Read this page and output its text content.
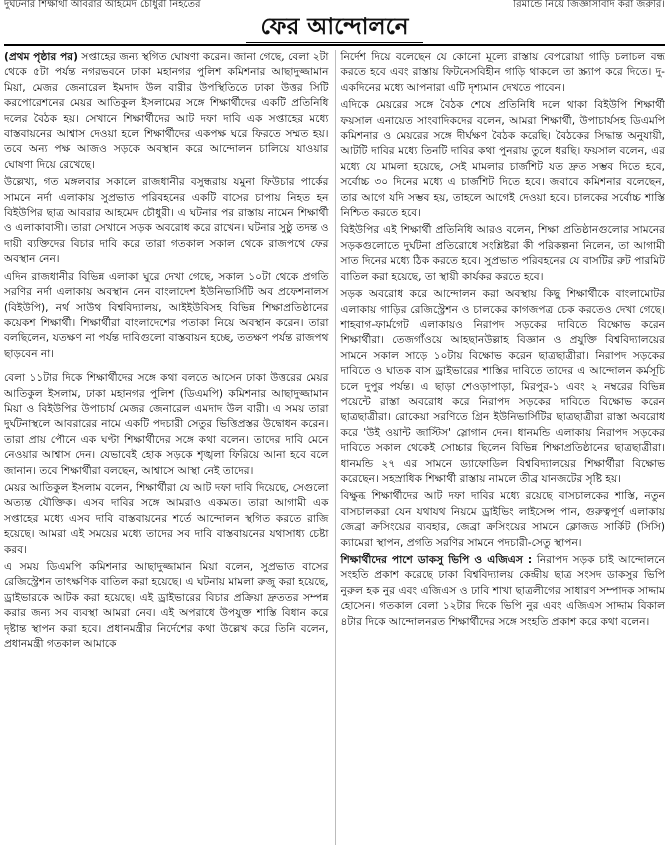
দুর্ঘটনার শিক্ষার্থী আবরার আহমেদ চৌধুরী নিহতের	রিমান্ডে নিয়ে জিজ্ঞাসাবাদ করা জরুরি।
ফের আন্দোলনে

(প্রথম পৃষ্ঠার পর) সপ্তাহের জন্য স্থগিত ঘোষণা করেন। জানা গেছে, বেলা ২টা থেকে ৫টা পর্যন্ত নগরভবনে ঢাকা মহানগর পুলিশ কমিশনার আছাদুজ্জামান মিয়া, মেজর জেনারেল ইমদাদ উল বারীর উপস্থিতিতে ঢাকা উত্তর সিটি করপোরেশনের মেয়র আতিকুল ইসলামের সঙ্গে শিক্ষার্থীদের একটি প্রতিনিধি দলের বৈঠক হয়। সেখানে শিক্ষার্থীদের আট দফা দাবি এক সপ্তাহের মধ্যে বাস্তবায়নের আশ্বাস দেওয়া হলে শিক্ষার্থীদের একপক্ষ ঘরে ফিরতে সম্মত হয়। তবে অন্য পক্ষ আজও সড়কে অবস্থান করে আন্দোলন চালিয়ে যাওয়ার ঘোষণা দিয়ে রেখেছে।

উল্লেখ্য, গত মঙ্গলবার সকালে রাজধানীর বসুন্ধরায় যমুনা ফিউচার পার্কের সামনে নর্দা এলাকায় সুপ্রভাত পরিবহনের একটি বাসের চাপায় নিহত হন বিইউপির ছাত্র আবরার আহমেদ চৌধুরী। এ ঘটনার পর রাস্তায় নামেন শিক্ষার্থী ও এলাকাবাসী। তারা সেখানে সড়ক অবরোধ করে রাখেন। ঘটনার সুষ্ঠু তদন্ত ও দায়ী ব্যক্তিদের বিচার দাবি করে তারা গতকাল সকাল থেকে রাজপথে ফের অবস্থান নেন।

এদিন রাজধানীর বিভিন্ন এলাকা ঘুরে দেখা গেছে, সকাল ১০টা থেকে প্রগতি সরণির নর্দা এলাকায় অবস্থান নেন বাংলাদেশ ইউনিভার্সিটি অব প্রফেশনালস (বিইউপি), নর্থ সাউথ বিশ্ববিদ্যালয়, আইইউবিসহ বিভিন্ন শিক্ষাপ্রতিষ্ঠানের কয়েকশ শিক্ষার্থী। শিক্ষার্থীরা বাংলাদেশের পতাকা নিয়ে অবস্থান করেন। তারা বলছিলেন, যতক্ষণ না পর্যন্ত দাবিগুলো বাস্তবায়ন হচ্ছে, ততক্ষণ পর্যন্ত রাজপথ ছাড়বেন না।

বেলা ১১টার দিকে শিক্ষার্থীদের সঙ্গে কথা বলতে আসেন ঢাকা উত্তরের মেয়র আতিকুল ইসলাম, ঢাকা মহানগর পুলিশ (ডিএমপি) কমিশনার আছাদুজ্জামান মিয়া ও বিইউপির উপাচার্য মেজর জেনারেল এমদাদ উল বারী। এ সময় তারা দুর্ঘটনাস্থলে আবরারের নামে একটি পদচারী সেতুর ভিত্তিপ্রস্তর উদ্বোধন করেন। তারা প্রায় পৌনে এক ঘণ্টা শিক্ষার্থীদের সঙ্গে কথা বলেন। তাদের দাবি মেনে নেওয়ার আশ্বাস দেন। যেভাবেই হোক সড়কে শৃঙ্খলা ফিরিয়ে আনা হবে বলে জানান। তবে শিক্ষার্থীরা বলছেন, আশ্বাসে আস্থা নেই তাদের।

মেয়র আতিকুল ইসলাম বলেন, শিক্ষার্থীরা যে আট দফা দাবি দিয়েছে, সেগুলো অত্যন্ত যৌক্তিক। এসব দাবির সঙ্গে আমরাও একমত। তারা আগামী এক সপ্তাহের মধ্যে এসব দাবি বাস্তবায়নের শর্তে আন্দোলন স্থগিত করতে রাজি হয়েছে। আমরা এই সময়ের মধ্যে তাদের সব দাবি বাস্তবায়নের যথাসাধ্য চেষ্টা করব।

এ সময় ডিএমপি কমিশনার আছাদুজ্জামান মিয়া বলেন, সুপ্রভাত বাসের রেজিস্ট্রেশন তাৎক্ষণিক বাতিল করা হয়েছে। এ ঘটনায় মামলা রুজু করা হয়েছে, ড্রাইভারকে আটক করা হয়েছে। এই ড্রাইভারের বিচার প্রক্রিয়া দ্রুততর সম্পন্ন করার জন্য সব ব্যবস্থা আমরা নেব। এই অপরাধে উপযুক্ত শাস্তি বিধান করে দৃষ্টান্ত স্থাপন করা হবে। প্রধানমন্ত্রীর নির্দেশের কথা উল্লেখ করে তিনি বলেন, প্রধানমন্ত্রী গতকাল আমাকে

নির্দেশ দিয়ে বলেছেন যে কোনো মূল্যে রাস্তায় বেপরোয়া গাড়ি চলাচল বন্ধ করতে হবে এবং রাস্তায় ফিটনেসবিহীন গাড়ি থাকলে তা স্ক্র্যাপ করে দিতে। দু-একদিনের মধ্যে আপনারা এটি দৃশ্যমান দেখতে পাবেন।

এদিকে মেয়রের সঙ্গে বৈঠক শেষে প্রতিনিধি দলে থাকা বিইউপি শিক্ষার্থী ফয়সাল এনায়েত সাংবাদিকদের বলেন, আমরা শিক্ষার্থী, উপাচার্যসহ ডিএমপি কমিশনার ও মেয়রের সঙ্গে দীর্ঘক্ষণ বৈঠক করেছি। বৈঠকের সিদ্ধান্ত অনুযায়ী, আটটি দাবির মধ্যে তিনটি দাবির কথা পুনরায় তুলে ধরছি। ফয়সাল বলেন, এর মধ্যে যে মামলা হয়েছে, সেই মামলার চার্জশিট যত দ্রুত সম্ভব দিতে হবে, সর্বোচ্চ ৩০ দিনের মধ্যে এ চার্জশিট দিতে হবে। জবাবে কমিশনার বলেছেন, তার আগে যদি সম্ভব হয়, তাহলে আগেই দেওয়া হবে। চালকের সর্বোচ্চ শাস্তি নিশ্চিত করতে হবে।

বিইউপির এই শিক্ষার্থী প্রতিনিধি আরও বলেন, শিক্ষা প্রতিষ্ঠানগুলোর সামনের সড়কগুলোতে দুর্ঘটনা প্রতিরোধে সংশ্লিষ্টরা কী পরিকল্পনা নিলেন, তা আগামী সাত দিনের মধ্যে ঠিক করতে হবে। সুপ্রভাত পরিবহনের যে বাসটির রুট পারমিট বাতিল করা হয়েছে, তা স্থায়ী কার্যকর করতে হবে।

সড়ক অবরোধ করে আন্দোলন করা অবস্থায় কিছু শিক্ষার্থীকে বাংলামোটর এলাকায় গাড়ির রেজিস্ট্রেশন ও চালকের কাগজপত্র চেক করতেও দেখা গেছে। শাহবাগ-ফার্মগেট এলাকায়ও নিরাপদ সড়কের দাবিতে বিক্ষোভ করেন শিক্ষার্থীরা। তেজগাঁওয়ে আহছানউল্লাহ বিজ্ঞান ও প্রযুক্তি বিশ্ববিদ্যালয়ের সামনে সকাল সাড়ে ১০টায় বিক্ষোভ করেন ছাত্রছাত্রীরা। নিরাপদ সড়কের দাবিতে ও ঘাতক বাস ড্রাইভারের শাস্তির দাবিতে তাদের এ আন্দোলন কর্মসূচি চলে দুপুর পর্যন্ত। এ ছাড়া শেওড়াপাড়া, মিরপুর-১ এবং ২ নম্বরের বিভিন্ন পয়েন্টে রাস্তা অবরোধ করে নিরাপদ সড়কের দাবিতে বিক্ষোভ করেন ছাত্রছাত্রীরা। রোকেয়া সরণিতে গ্রিন ইউনিভার্সিটির ছাত্রছাত্রীরা রাস্তা অবরোধ করে 'উই ওয়ান্ট জাস্টিস' স্লোগান দেন। ধানমন্ডি এলাকায় নিরাপদ সড়কের দাবিতে সকাল থেকেই সোচ্চার ছিলেন বিভিন্ন শিক্ষাপ্রতিষ্ঠানের ছাত্রছাত্রীরা। ধানমন্ডি ২৭ এর সামনে ড্যাফোডিল বিশ্ববিদ্যালয়ের শিক্ষার্থীরা বিক্ষোভ করেছেন। সহস্রাধিক শিক্ষার্থী রাস্তায় নামলে তীব্র যানজটের সৃষ্টি হয়।

বিক্ষুব্ধ শিক্ষার্থীদের আট দফা দাবির মধ্যে রয়েছে বাসচালকের শাস্তি, নতুন বাসচালকরা যেন যথাযথ নিয়মে ড্রাইভিং লাইসেন্স পান, গুরুত্বপূর্ণ এলাকায় জেব্রা ক্রসিংয়ের ব্যবহার, জেব্রা ক্রসিংয়ের সামনে ক্লোজড সার্কিট (সিসি) ক্যামেরা স্থাপন, প্রগতি সরণির সামনে পদচারী-সেতু স্থাপন।

শিক্ষার্থীদের পাশে ডাকসু ভিপি ও এজিএস : নিরাপদ সড়ক চাই আন্দোলনে সংহতি প্রকাশ করেছে ঢাকা বিশ্ববিদ্যালয় কেন্দ্রীয় ছাত্র সংসদ ডাকসুর ভিপি নুরুল হক নুর এবং এজিএস ও ঢাবি শাখা ছাত্রলীগের সাধারণ সম্পাদক সাদ্দাম হোসেন। গতকাল বেলা ১২টার দিকে ভিপি নুর এবং এজিএস সাদ্দাম বিকাল ৪টার দিকে আন্দোলনরত শিক্ষার্থীদের সঙ্গে সংহতি প্রকাশ করে কথা বলেন।
